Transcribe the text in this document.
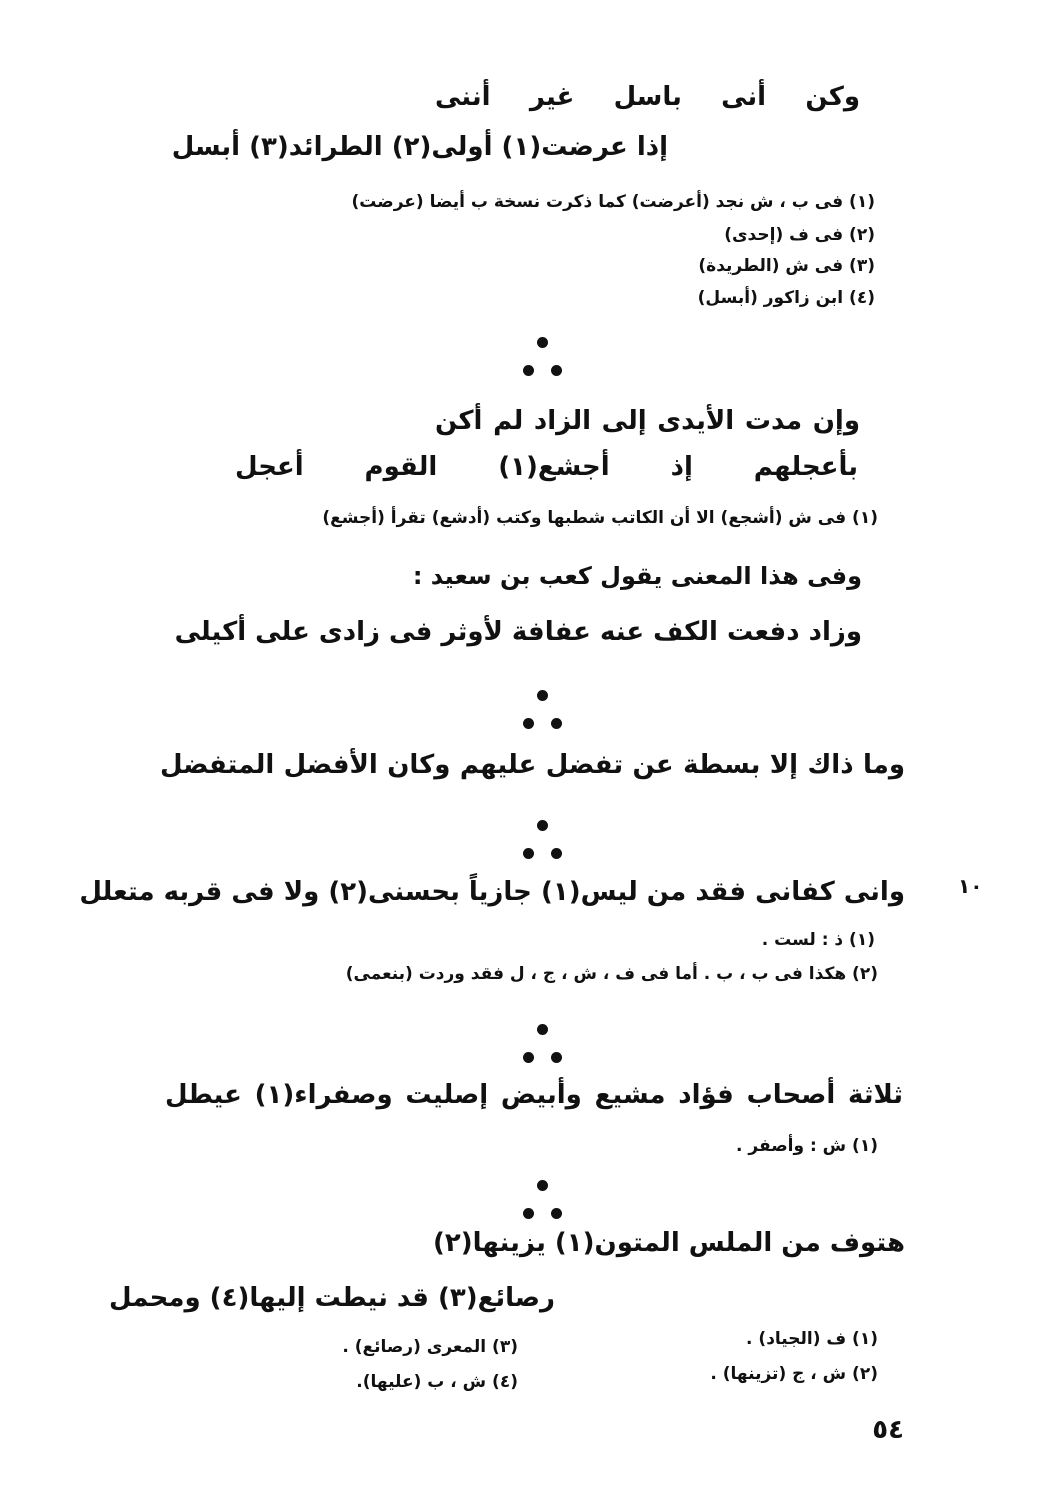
وكن أنى باسل غير أننى
إذا عرضت(١) أولى(٢) الطرائد(٣) أبسل
(١) فى ب ، ش نجد (أعرضت) كما ذكرت نسخة ب أيضا (عرضت)
(٢) فى ف (إحدى)
(٣) فى ش (الطريدة)
(٤) ابن زاكور (أبسل)
وإن مدت الأيدى إلى الزاد لم أكن
بأعجلهم إذ أجشع(١) القوم أعجل
(١) فى ش (أشجع) الا أن الكاتب شطبها وكتب (أدشع) تقرأ (أجشع)
وفى هذا المعنى يقول كعب بن سعيد :
وزاد دفعت الكف عنه عفافة لأوثر فى زادى على أكيلى
وما ذاك إلا بسطة عن تفضل عليهم وكان الأفضل المتفضل
١٠
وانى كفانى فقد من ليس(١) جازياً بحسنى(٢) ولا فى قربه متعلل
(١) ذ : لست .
(٢) هكذا فى ب ، ب . أما فى ف ، ش ، ج ، ل فقد وردت (بنعمى)
ثلاثة أصحاب فؤاد مشيع وأبيض إصليت وصفراء(١) عيطل
(١) ش : وأصفر .
هتوف من الملس المتون(١) يزينها(٢)
رصائع(٣) قد نيطت إليها(٤) ومحمل
(١) ف (الجياد) .
(٢) ش ، ج (تزينها) .
(٣) المعرى (رصائع) .
(٤) ش ، ب (عليها).
٥٤
